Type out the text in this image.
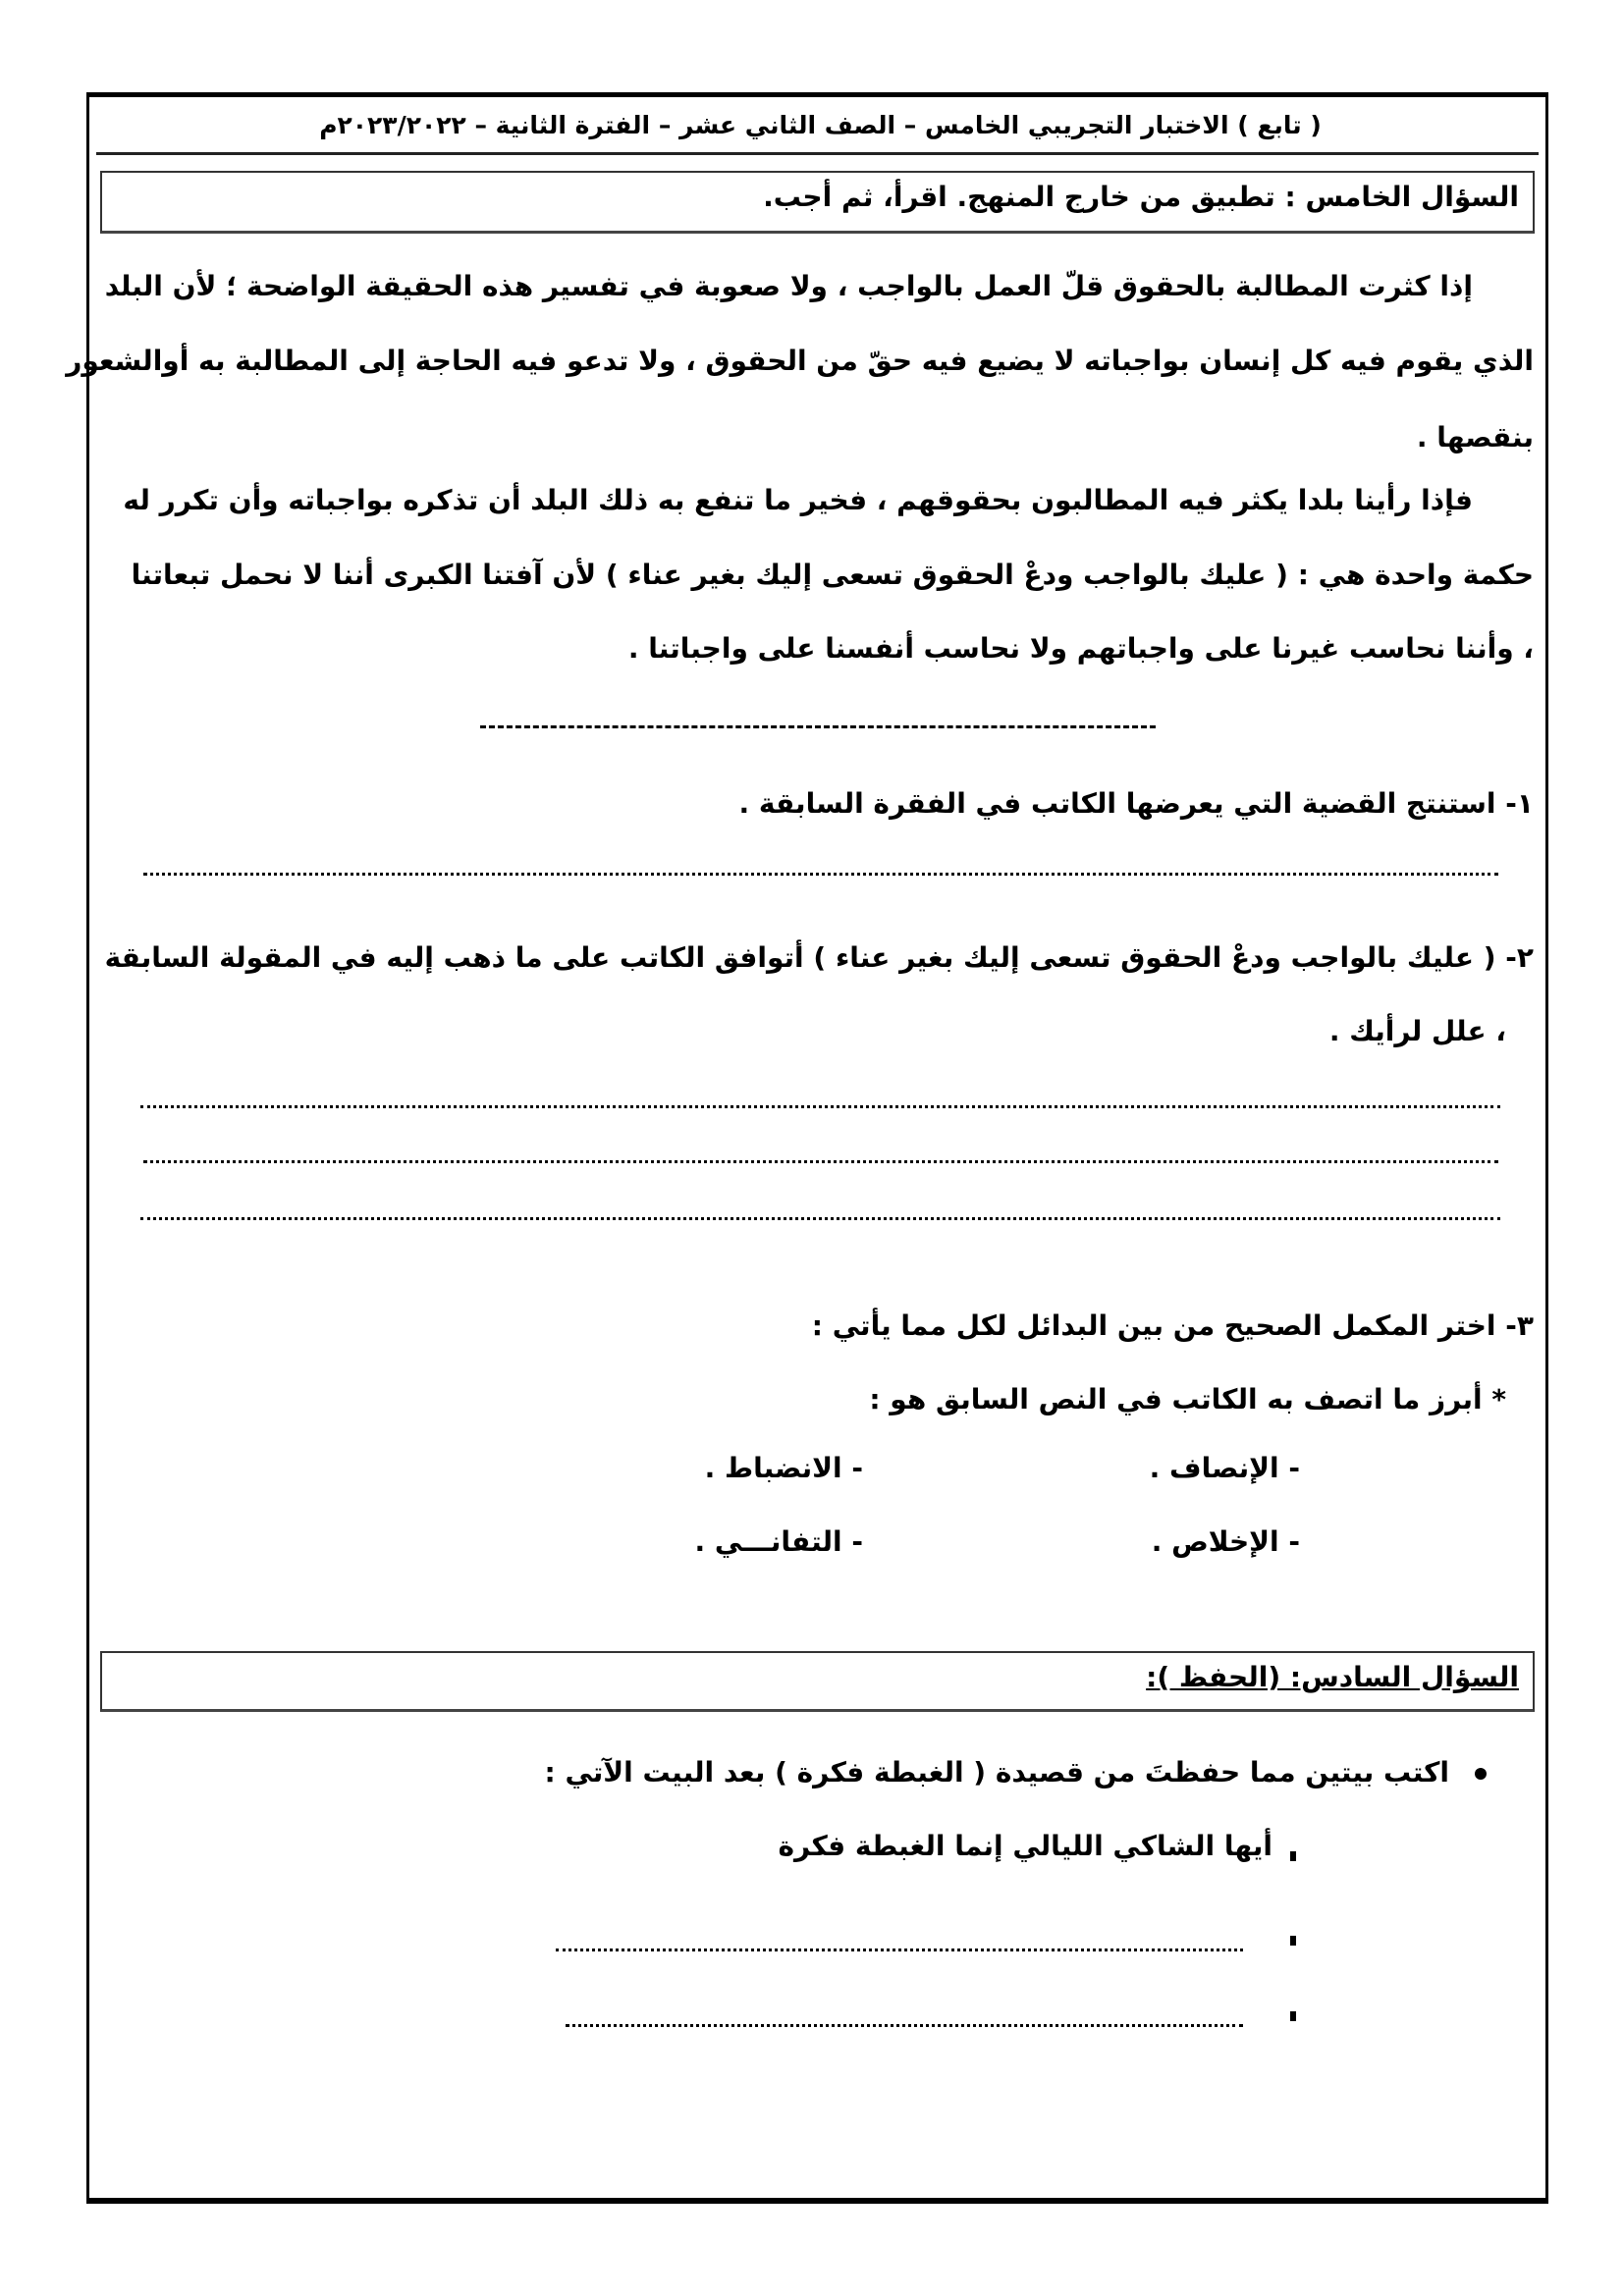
( تابع ) الاختبار التجريبي الخامس – الصف الثاني عشر – الفترة الثانية – ٢٠٢٣/٢٠٢٢م
السؤال الخامس : تطبيق من خارج المنهج. اقرأ، ثم أجب.
إذا كثرت المطالبة بالحقوق قلّ العمل بالواجب ، ولا صعوبة في تفسير هذه الحقيقة الواضحة ؛ لأن البلد
الذي يقوم فيه كل إنسان بواجباته لا يضيع فيه حقّ من الحقوق ، ولا تدعو فيه الحاجة إلى المطالبة به أوالشعور
بنقصها .
فإذا رأينا بلدا يكثر فيه المطالبون بحقوقهم ، فخير ما تنفع به ذلك البلد أن تذكره بواجباته وأن تكرر له
حكمة واحدة هي : ( عليك بالواجب ودعْ الحقوق تسعى إليك بغير عناء ) لأن آفتنا الكبرى أننا لا نحمل تبعاتنا
، وأننا نحاسب غيرنا على واجباتهم ولا نحاسب أنفسنا على واجباتنا .
١- استنتج القضية التي يعرضها الكاتب في الفقرة السابقة .
٢- ( عليك بالواجب ودعْ الحقوق تسعى إليك بغير عناء ) أتوافق الكاتب على ما ذهب إليه في المقولة السابقة
، علل لرأيك .
٣- اختر المكمل الصحيح من بين البدائل لكل مما يأتي :
* أبرز ما اتصف به الكاتب في النص السابق هو :
- الإنصاف .
- الانضباط .
- الإخلاص .
- التفانـــي .
السؤال السادس: (الحفظ ):
اكتب بيتين مما حفظتَ من قصيدة ( الغبطة فكرة ) بعد البيت الآتي :
أيها الشاكي الليالي إنما الغبطة فكرة
